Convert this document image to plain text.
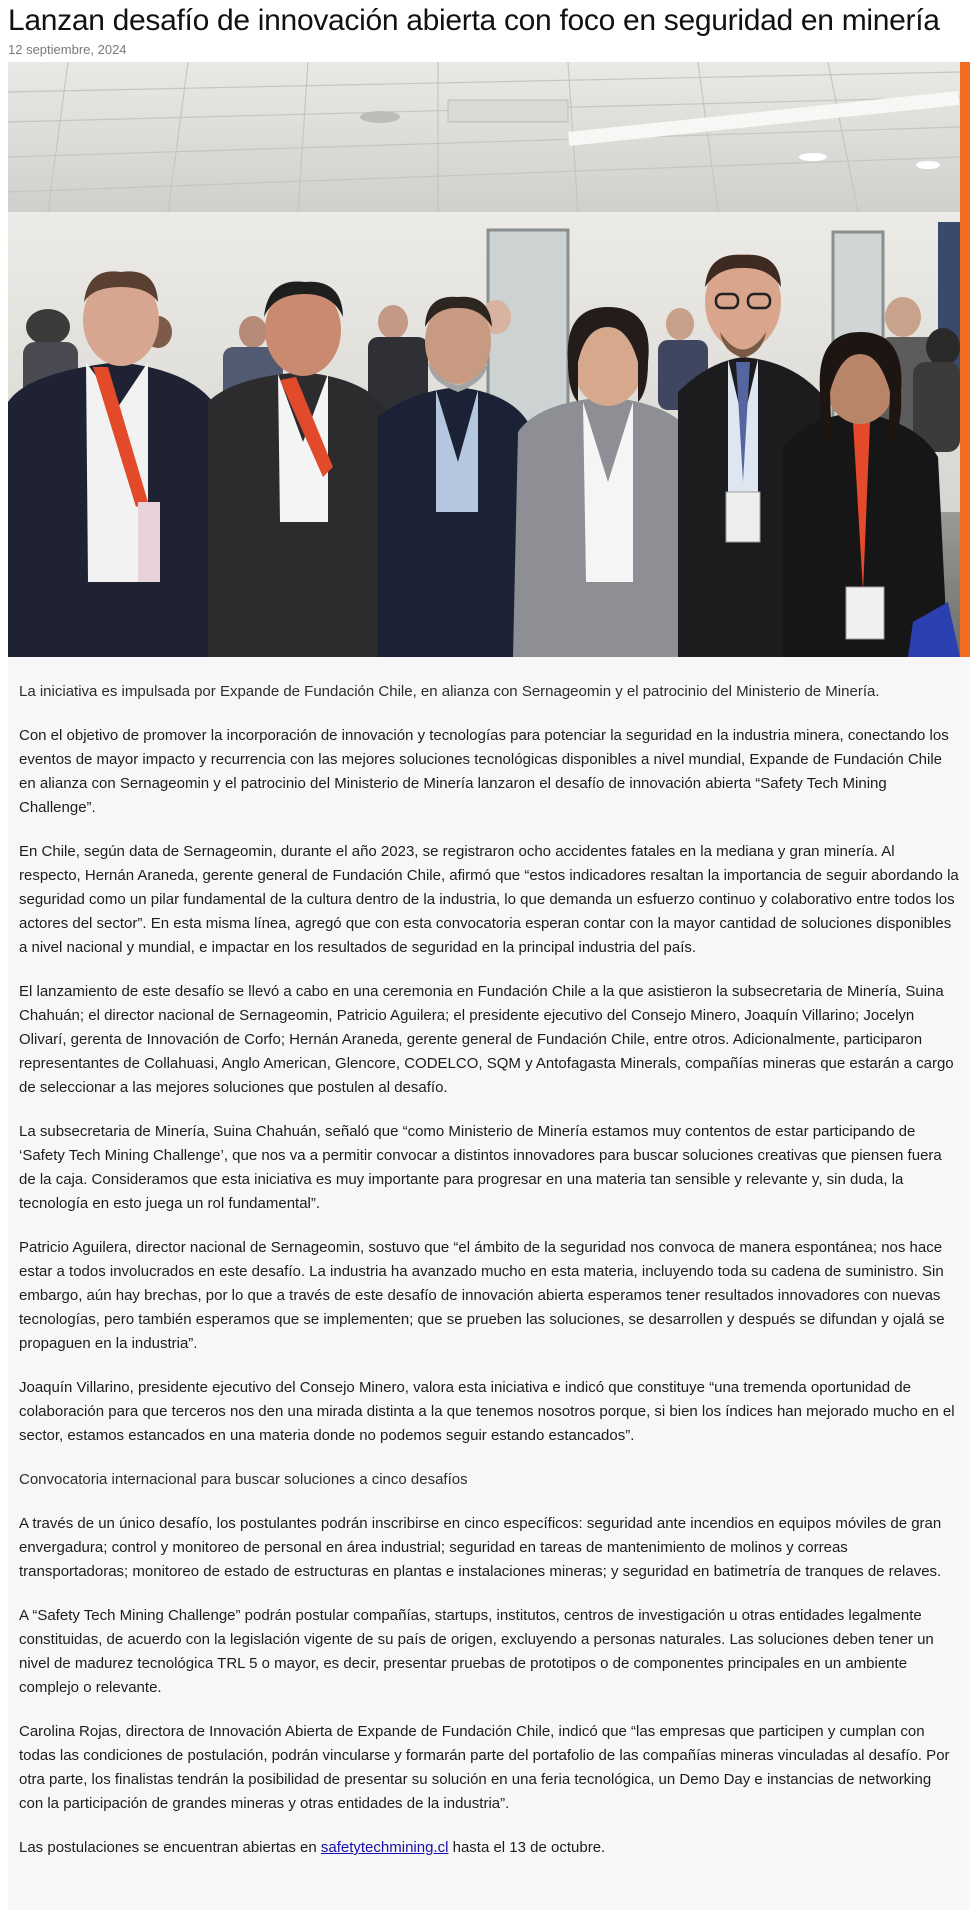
Lanzan desafío de innovación abierta con foco en seguridad en minería
12 septiembre, 2024

La iniciativa es impulsada por Expande de Fundación Chile, en alianza con Sernageomin y el patrocinio del Ministerio de Minería.

Con el objetivo de promover la incorporación de innovación y tecnologías para potenciar la seguridad en la industria minera, conectando los eventos de mayor impacto y recurrencia con las mejores soluciones tecnológicas disponibles a nivel mundial, Expande de Fundación Chile en alianza con Sernageomin y el patrocinio del Ministerio de Minería lanzaron el desafío de innovación abierta “Safety Tech Mining Challenge”.

En Chile, según data de Sernageomin, durante el año 2023, se registraron ocho accidentes fatales en la mediana y gran minería. Al respecto, Hernán Araneda, gerente general de Fundación Chile, afirmó que “estos indicadores resaltan la importancia de seguir abordando la seguridad como un pilar fundamental de la cultura dentro de la industria, lo que demanda un esfuerzo continuo y colaborativo entre todos los actores del sector”. En esta misma línea, agregó que con esta convocatoria esperan contar con la mayor cantidad de soluciones disponibles a nivel nacional y mundial, e impactar en los resultados de seguridad en la principal industria del país.

El lanzamiento de este desafío se llevó a cabo en una ceremonia en Fundación Chile a la que asistieron la subsecretaria de Minería, Suina Chahuán; el director nacional de Sernageomin, Patricio Aguilera; el presidente ejecutivo del Consejo Minero, Joaquín Villarino; Jocelyn Olivarí, gerenta de Innovación de Corfo; Hernán Araneda, gerente general de Fundación Chile, entre otros. Adicionalmente, participaron representantes de Collahuasi, Anglo American, Glencore, CODELCO, SQM y Antofagasta Minerals, compañías mineras que estarán a cargo de seleccionar a las mejores soluciones que postulen al desafío.

La subsecretaria de Minería, Suina Chahuán, señaló que “como Ministerio de Minería estamos muy contentos de estar participando de ‘Safety Tech Mining Challenge’, que nos va a permitir convocar a distintos innovadores para buscar soluciones creativas que piensen fuera de la caja. Consideramos que esta iniciativa es muy importante para progresar en una materia tan sensible y relevante y, sin duda, la tecnología en esto juega un rol fundamental”.

Patricio Aguilera, director nacional de Sernageomin, sostuvo que “el ámbito de la seguridad nos convoca de manera espontánea; nos hace estar a todos involucrados en este desafío. La industria ha avanzado mucho en esta materia, incluyendo toda su cadena de suministro. Sin embargo, aún hay brechas, por lo que a través de este desafío de innovación abierta esperamos tener resultados innovadores con nuevas tecnologías, pero también esperamos que se implementen; que se prueben las soluciones, se desarrollen y después se difundan y ojalá se propaguen en la industria”.

Joaquín Villarino, presidente ejecutivo del Consejo Minero, valora esta iniciativa e indicó que constituye “una tremenda oportunidad de colaboración para que terceros nos den una mirada distinta a la que tenemos nosotros porque, si bien los índices han mejorado mucho en el sector, estamos estancados en una materia donde no podemos seguir estando estancados”.

Convocatoria internacional para buscar soluciones a cinco desafíos

A través de un único desafío, los postulantes podrán inscribirse en cinco específicos: seguridad ante incendios en equipos móviles de gran envergadura; control y monitoreo de personal en área industrial; seguridad en tareas de mantenimiento de molinos y correas transportadoras; monitoreo de estado de estructuras en plantas e instalaciones mineras; y seguridad en batimetría de tranques de relaves.

A “Safety Tech Mining Challenge” podrán postular compañías, startups, institutos, centros de investigación u otras entidades legalmente constituidas, de acuerdo con la legislación vigente de su país de origen, excluyendo a personas naturales. Las soluciones deben tener un nivel de madurez tecnológica TRL 5 o mayor, es decir, presentar pruebas de prototipos o de componentes principales en un ambiente complejo o relevante.

Carolina Rojas, directora de Innovación Abierta de Expande de Fundación Chile, indicó que “las empresas que participen y cumplan con todas las condiciones de postulación, podrán vincularse y formarán parte del portafolio de las compañías mineras vinculadas al desafío. Por otra parte, los finalistas tendrán la posibilidad de presentar su solución en una feria tecnológica, un Demo Day e instancias de networking con la participación de grandes mineras y otras entidades de la industria”.

Las postulaciones se encuentran abiertas en safetytechmining.cl hasta el 13 de octubre.
